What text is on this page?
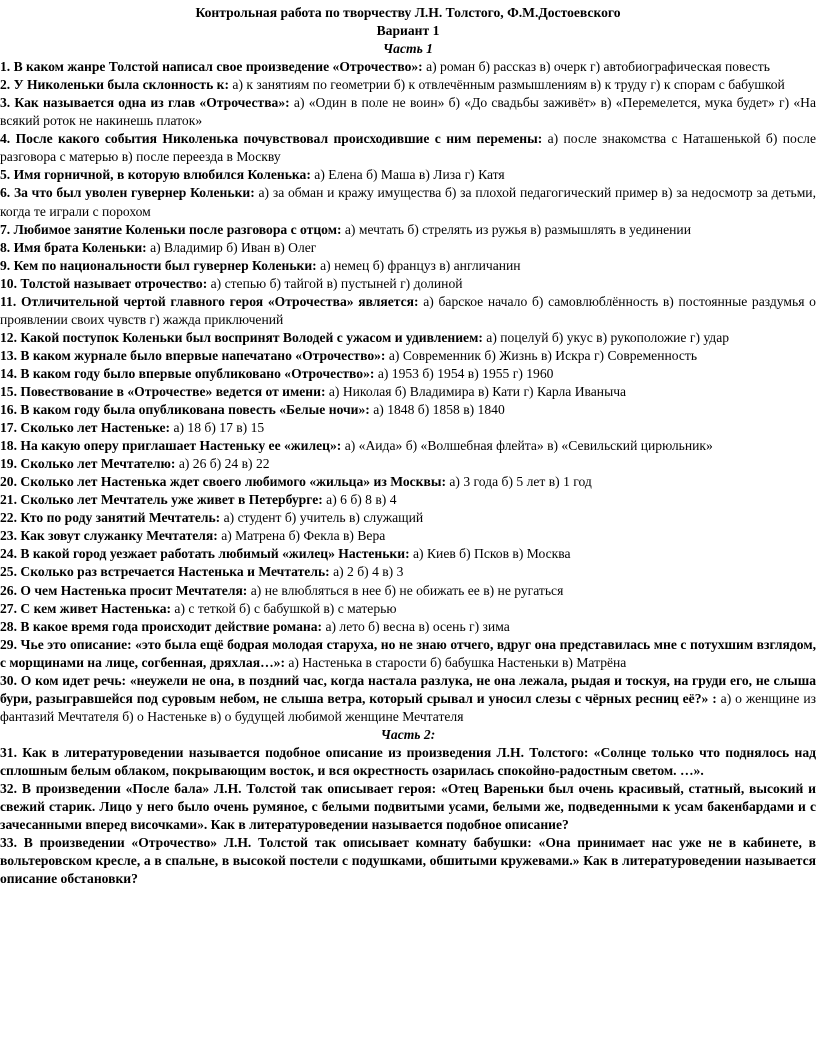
Контрольная работа по творчеству Л.Н. Толстого, Ф.М.Достоевского

Вариант 1

Часть 1

1. В каком жанре Толстой написал свое произведение «Отрочество»: а) роман б) рассказ в) очерк г) автобиографическая повесть

2. У Николеньки была склонность к: а) к занятиям по геометрии б) к отвлечённым размышлениям в) к труду г) к спорам с бабушкой

3. Как называется одна из глав «Отрочества»: а) «Один в поле не воин» б) «До свадьбы заживёт» в) «Перемелется, мука будет» г) «На всякий роток не накинешь платок»

4. После какого события Николенька почувствовал происходившие с ним перемены: а) после знакомства с Наташенькой б) после разговора с матерью в) после переезда в Москву

5. Имя горничной, в которую влюбился Коленька: а) Елена б) Маша в) Лиза г) Катя

6. За что был уволен гувернер Коленьки: а) за обман и кражу имущества б) за плохой педагогический пример в) за недосмотр за детьми, когда те играли с порохом

7. Любимое занятие Коленьки после разговора с отцом: а) мечтать б) стрелять из ружья в) размышлять в уединении

8. Имя брата Коленьки: а) Владимир б) Иван в) Олег

9. Кем по национальности был гувернер Коленьки: а) немец б) француз в) англичанин

10. Толстой называет отрочество: а) степью б) тайгой в) пустыней г) долиной

11. Отличительной чертой главного героя «Отрочества» является: а) барское начало б) самовлюблённость в) постоянные раздумья о проявлении своих чувств г) жажда приключений

12. Какой поступок Коленьки был воспринят Володей с ужасом и удивлением: а) поцелуй б) укус в) рукоположие г) удар

13. В каком журнале было впервые напечатано «Отрочество»: а) Современник б) Жизнь в) Искра г) Современность

14. В каком году было впервые опубликовано «Отрочество»: а) 1953 б) 1954 в) 1955 г) 1960

15. Повествование в «Отрочестве» ведется от имени: а) Николая б) Владимира в) Кати г) Карла Иваныча

16. В каком году была опубликована повесть «Белые ночи»: а) 1848 б) 1858 в) 1840

17. Сколько лет Настеньке: а) 18 б) 17 в) 15

18. На какую оперу приглашает Настеньку ее «жилец»: а) «Аида» б) «Волшебная флейта» в) «Севильский цирюльник»

19. Сколько лет Мечтателю: а) 26 б) 24 в) 22

20. Сколько лет Настенька ждет своего любимого «жильца» из Москвы: а) 3 года б) 5 лет в) 1 год

21. Сколько лет Мечтатель уже живет в Петербурге: а) 6 б) 8 в) 4

22. Кто по роду занятий Мечтатель: а) студент б) учитель в) служащий

23. Как зовут служанку Мечтателя: а) Матрена б) Фекла в) Вера

24. В какой город уезжает работать любимый «жилец» Настеньки: а) Киев б) Псков в) Москва

25. Сколько раз встречается Настенька и Мечтатель: а) 2 б) 4 в) 3

26. О чем Настенька просит Мечтателя: а) не влюбляться в нее б) не обижать ее в) не ругаться

27. С кем живет Настенька: а) с теткой б) с бабушкой в) с матерью

28. В какое время года происходит действие романа: а) лето б) весна в) осень г) зима

29. Чье это описание: «это была ещё бодрая молодая старуха, но не знаю отчего, вдруг она представилась мне с потухшим взглядом, с морщинами на лице, согбенная, дряхлая…»: а) Настенька в старости б) бабушка Настеньки в) Матрёна

30. О ком идет речь: «неужели не она, в поздний час, когда настала разлука, не она лежала, рыдая и тоскуя, на груди его, не слыша бури, разыгравшейся под суровым небом, не слыша ветра, который срывал и уносил слезы с чёрных ресниц её?» : а) о женщине из фантазий Мечтателя б) о Настеньке в) о будущей любимой женщине Мечтателя

Часть 2:

31. Как в литературоведении называется подобное описание из произведения Л.Н. Толстого: «Солнце только что поднялось над сплошным белым облаком, покрывающим восток, и вся окрестность озарилась спокойно-радостным светом. …».

32. В произведении «После бала» Л.Н. Толстой так описывает героя: «Отец Вареньки был очень красивый, статный, высокий и свежий старик. Лицо у него было очень румяное, с белыми подвитыми усами, белыми же, подведенными к усам бакенбардами и с зачесанными вперед височками». Как в литературоведении называется подобное описание?

33. В произведении «Отрочество» Л.Н. Толстой так описывает комнату бабушки: «Она принимает нас уже не в кабинете, в вольтеровском кресле, а в спальне, в высокой постели с подушками, обшитыми кружевами.» Как в литературоведении называется описание обстановки?
